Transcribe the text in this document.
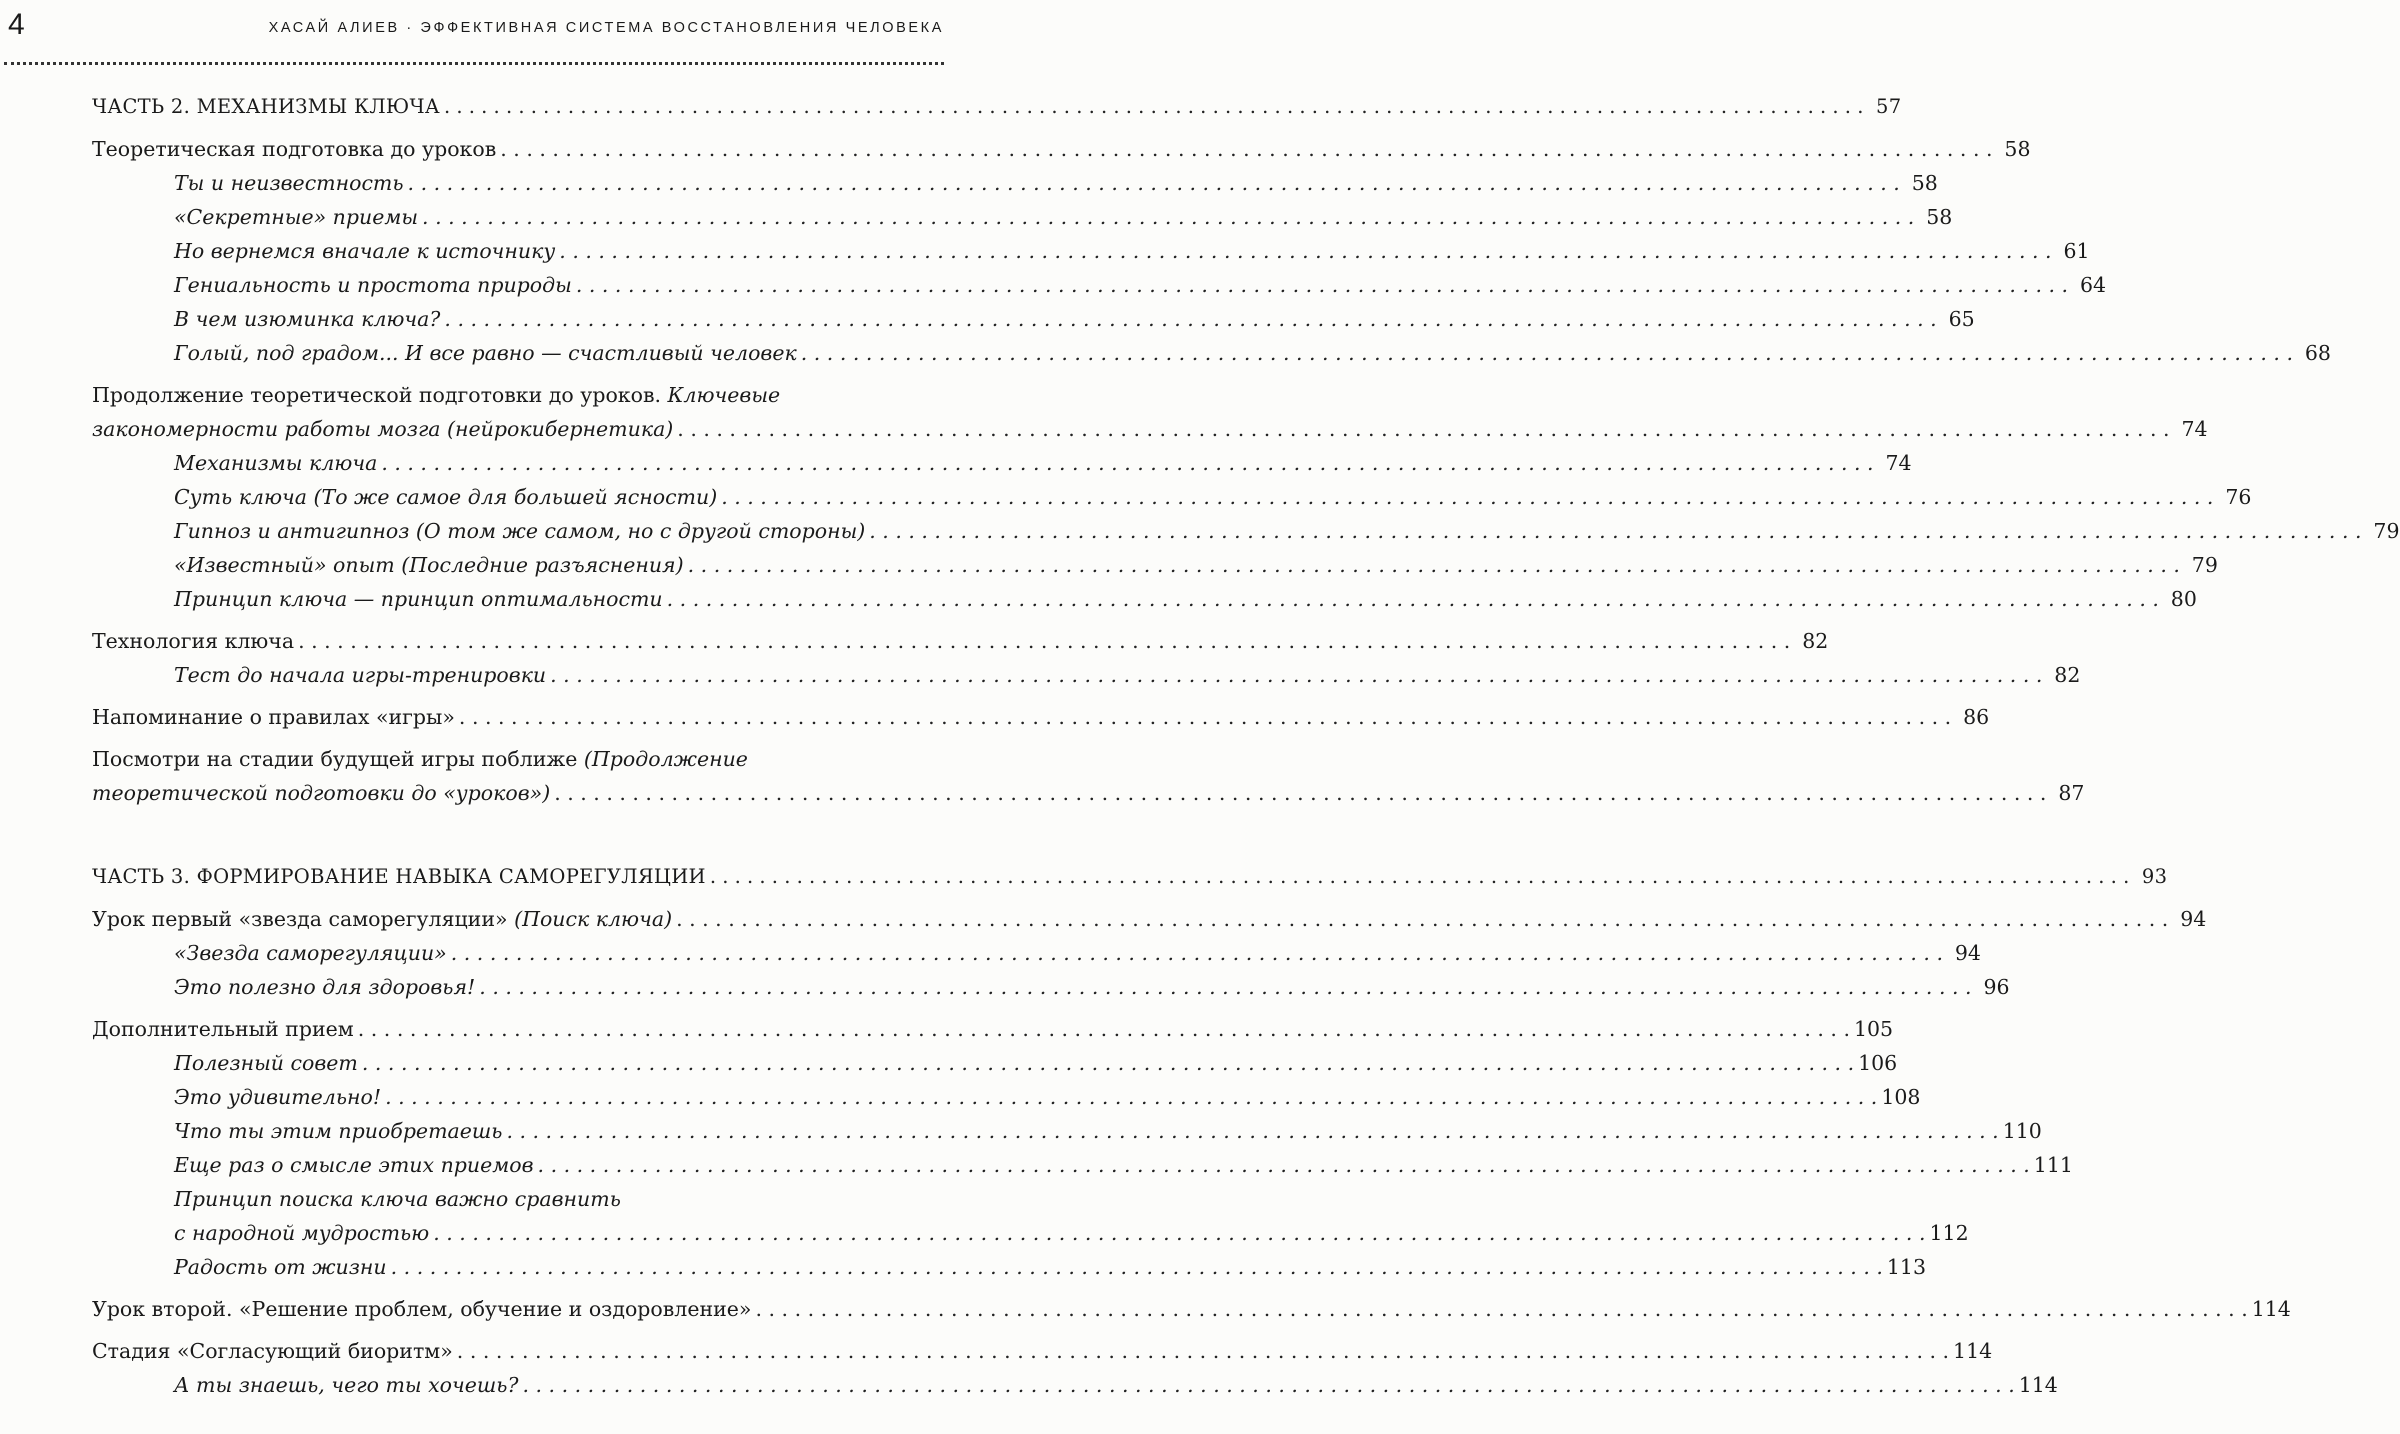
4	ХАСАЙ АЛИЕВ · ЭФФЕКТИВНАЯ СИСТЕМА ВОССТАНОВЛЕНИЯ ЧЕЛОВЕКА
ЧАСТЬ 2. МЕХАНИЗМЫ КЛЮЧА . . .	57
Теоретическая подготовка до уроков . . .	58
Ты и неизвестность . . .	58
«Секретные» приемы . . .	58
Но вернемся вначале к источнику . . .	61
Гениальность и простота природы . . .	64
В чем изюминка ключа? . . .	65
Голый, под градом... И все равно — счастливый человек . . .	68
Продолжение теоретической подготовки до уроков. Ключевые
закономерности работы мозга (нейрокибернетика) . . .	74
Механизмы ключа . . .	74
Суть ключа (То же самое для большей ясности) . . .	76
Гипноз и антигипноз (О том же самом, но с другой стороны) . . .	79
«Известный» опыт (Последние разъяснения) . . .	79
Принцип ключа — принцип оптимальности . . .	80
Технология ключа . . .	82
Тест до начала игры-тренировки . . .	82
Напоминание о правилах «игры» . . .	86
Посмотри на стадии будущей игры поближе (Продолжение
теоретической подготовки до «уроков») . . .	87
ЧАСТЬ 3. ФОРМИРОВАНИЕ НАВЫКА САМОРЕГУЛЯЦИИ . . .	93
Урок первый «звезда саморегуляции» (Поиск ключа) . . .	94
«Звезда саморегуляции» . . .	94
Это полезно для здоровья! . . .	96
Дополнительный прием . . .	105
Полезный совет . . .	106
Это удивительно! . . .	108
Что ты этим приобретаешь . . .	110
Еще раз о смысле этих приемов . . .	111
Принцип поиска ключа важно сравнить
с народной мудростью . . .	112
Радость от жизни . . .	113
Урок второй. «Решение проблем, обучение и оздоровление» . . .	114
Стадия «Согласующий биоритм» . . .	114
А ты знаешь, чего ты хочешь? . . .	114
